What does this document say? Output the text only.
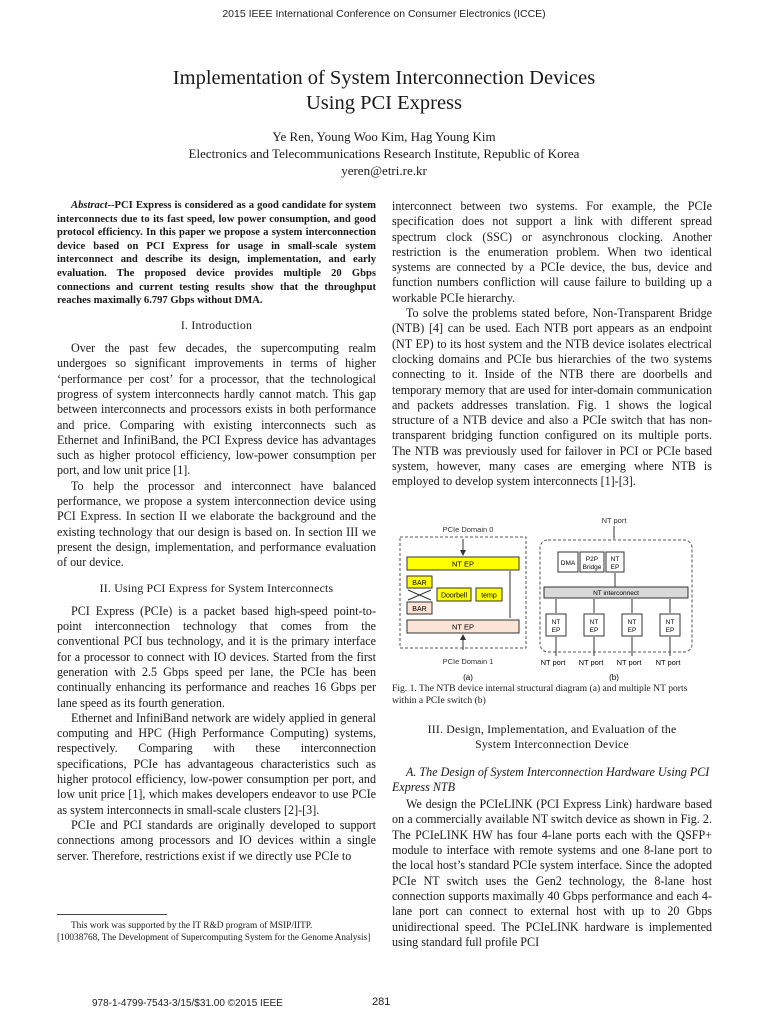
2015 IEEE International Conference on Consumer Electronics (ICCE)
Implementation of System Interconnection Devices
Using PCI Express
Ye Ren, Young Woo Kim, Hag Young Kim
Electronics and Telecommunications Research Institute, Republic of Korea
yeren@etri.re.kr

Abstract--PCI Express is considered as a good candidate for system interconnects due to its fast speed, low power consumption, and good protocol efficiency. In this paper we propose a system interconnection device based on PCI Express for usage in small-scale system interconnect and describe its design, implementation, and early evaluation. The proposed device provides multiple 20 Gbps connections and current testing results show that the throughput reaches maximally 6.797 Gbps without DMA.

I. Introduction

Over the past few decades, the supercomputing realm undergoes so significant improvements in terms of higher ‘performance per cost’ for a processor, that the technological progress of system interconnects hardly cannot match. This gap between interconnects and processors exists in both performance and price. Comparing with existing interconnects such as Ethernet and InfiniBand, the PCI Express device has advantages such as higher protocol efficiency, low-power consumption per port, and low unit price [1].

To help the processor and interconnect have balanced performance, we propose a system interconnection device using PCI Express. In section II we elaborate the background and the existing technology that our design is based on. In section III we present the design, implementation, and performance evaluation of our device.

II. Using PCI Express for System Interconnects

PCI Express (PCIe) is a packet based high-speed point-to-point interconnection technology that comes from the conventional PCI bus technology, and it is the primary interface for a processor to connect with IO devices. Started from the first generation with 2.5 Gbps speed per lane, the PCIe has been continually enhancing its performance and reaches 16 Gbps per lane speed as its fourth generation.

Ethernet and InfiniBand network are widely applied in general computing and HPC (High Performance Computing) systems, respectively. Comparing with these interconnection specifications, PCIe has advantageous characteristics such as higher protocol efficiency, low-power consumption per port, and low unit price [1], which makes developers endeavor to use PCIe as system interconnects in small-scale clusters [2]-[3].

PCIe and PCI standards are originally developed to support connections among processors and IO devices within a single server. Therefore, restrictions exist if we directly use PCIe to

This work was supported by the IT R&D program of MSIP/IITP.
[10038768, The Development of Supercomputing System for the Genome Analysis]

interconnect between two systems. For example, the PCIe specification does not support a link with different spread spectrum clock (SSC) or asynchronous clocking. Another restriction is the enumeration problem. When two identical systems are connected by a PCIe device, the bus, device and function numbers confliction will cause failure to building up a workable PCIe hierarchy.

To solve the problems stated before, Non-Transparent Bridge (NTB) [4] can be used. Each NTB port appears as an endpoint (NT EP) to its host system and the NTB device isolates electrical clocking domains and PCIe bus hierarchies of the two systems connecting to it. Inside of the NTB there are doorbells and temporary memory that are used for inter-domain communication and packets addresses translation. Fig. 1 shows the logical structure of a NTB device and also a PCIe switch that has non-transparent bridging function configured on its multiple ports. The NTB was previously used for failover in PCI or PCIe based system, however, many cases are emerging where NTB is employed to develop system interconnects [1]-[3].

PCIe Domain 0
NT EP
NT EP
BAR
BAR
Doorbell temp
PCIe Domain 1
(a)
NT port
DMA
P2P
Bridge
NT
EP
NT interconnect
NT
EP
NT port
NT
EP
NT port
NT
EP
NT port
NT
EP
NT port
(b)
Fig. 1. The NTB device internal structural diagram (a) and multiple NT ports within a PCIe switch (b)
III. Design, Implementation, and Evaluation of the
System Interconnection Device
A. The Design of System Interconnection Hardware Using PCI Express NTB

We design the PCIeLINK (PCI Express Link) hardware based on a commercially available NT switch device as shown in Fig. 2. The PCIeLINK HW has four 4-lane ports each with the QSFP+ module to interface with remote systems and one 8-lane port to the local host’s standard PCIe system interface. Since the adopted PCIe NT switch uses the Gen2 technology, the 8-lane host connection supports maximally 40 Gbps performance and each 4-lane port can connect to external host with up to 20 Gbps unidirectional speed. The PCIeLINK hardware is implemented using standard full profile PCI

978-1-4799-7543-3/15/$31.00 ©2015 IEEE	281
